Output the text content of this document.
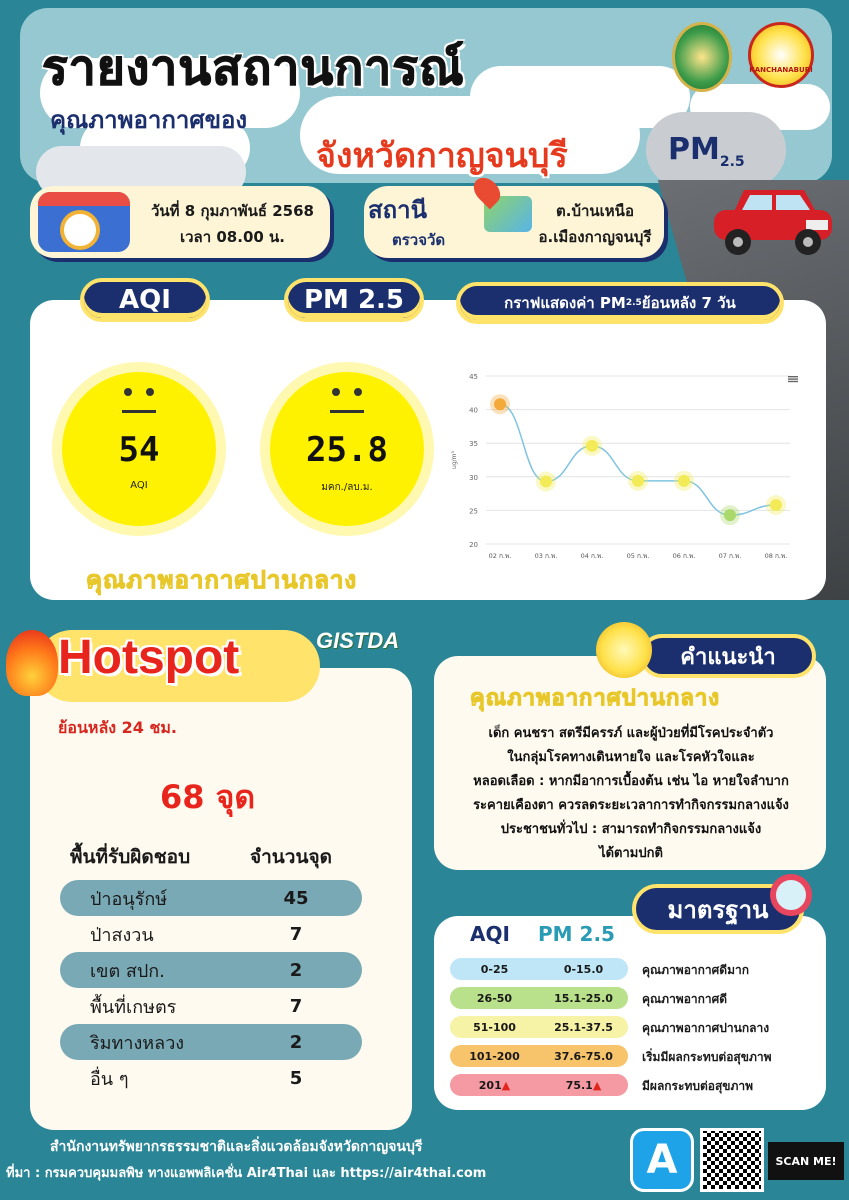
รายงานสถานการณ์
คุณภาพอากาศของ
จังหวัดกาญจนบุรี	$PM_{2.5}$
KANCHANABURI
วันที่ 8 กุมภาพันธ์ 2568
เวลา 08.00 น.
สถานี
ตรวจวัด
ต.บ้านเหนือ
อ.เมืองกาญจนบุรี
AQI	PM 2.5	กราฟแสดงค่า PM 2.5 ย้อนหลัง 7 วัน
54
AQI
25.8
มคก./ลบ.ม.
คุณภาพอากาศปานกลาง
20
25
30
35
40
45
ug/m³
02 ก.พ.	03 ก.พ.	04 ก.พ.	05 ก.พ.	06 ก.พ.	07 ก.พ.	08 ก.พ.
Hotspot	GISTDA
ย้อนหลัง 24 ชม.
68 จุด
พื้นที่รับผิดชอบ	จำนวนจุด
ป่าอนุรักษ์	45
ป่าสงวน	7
เขต สปก.	2
พื้นที่เกษตร	7
ริมทางหลวง	2
อื่น ๆ	5
คำแนะนำ
คุณภาพอากาศปานกลาง
เด็ก คนชรา สตรีมีครรภ์ และผู้ป่วยที่มีโรคประจำตัว
ในกลุ่มโรคทางเดินหายใจ และโรคหัวใจและ
หลอดเลือด : หากมีอาการเบื้องต้น เช่น ไอ หายใจลำบาก
ระคายเคืองตา ควรลดระยะเวลาการทำกิจกรรมกลางแจ้ง
ประชาชนทั่วไป : สามารถทำกิจกรรมกลางแจ้ง
ได้ตามปกติ
มาตรฐาน
AQI PM 2.5
0-25	0-15.0	คุณภาพอากาศดีมาก
26-50	15.1-25.0	คุณภาพอากาศดี
51-100	25.1-37.5	คุณภาพอากาศปานกลาง
101-200	37.6-75.0	เริ่มมีผลกระทบต่อสุขภาพ
201▲	75.1▲	มีผลกระทบต่อสุขภาพ
สำนักงานทรัพยากรธรรมชาติและสิ่งแวดล้อมจังหวัดกาญจนบุรี
ที่มา : กรมควบคุมมลพิษ ทางแอพพลิเคชั่น Air4Thai และ https://air4thai.com	A	SCAN ME!
